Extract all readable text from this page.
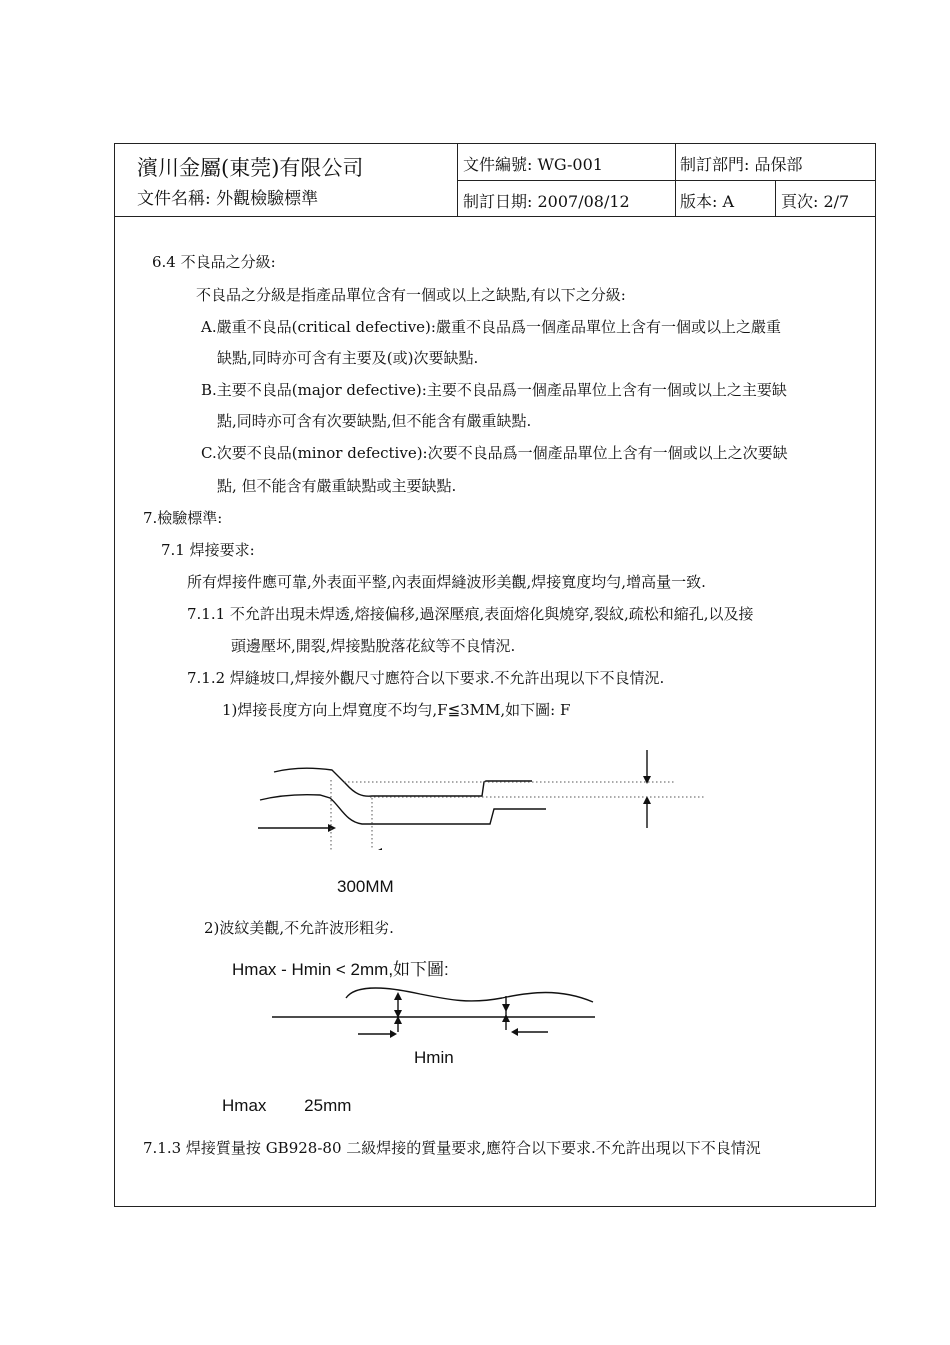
濱川金屬(東莞)有限公司
文件名稱: 外觀檢驗標準
文件編號: WG-001	制訂部門: 品保部
制訂日期: 2007/08/12	版本: A	頁次: 2/7
6.4 不良品之分級:
不良品之分級是指產品單位含有一個或以上之缺點,有以下之分級:
A.嚴重不良品(critical defective):嚴重不良品爲一個產品單位上含有一個或以上之嚴重
缺點,同時亦可含有主要及(或)次要缺點.
B.主要不良品(major defective):主要不良品爲一個產品單位上含有一個或以上之主要缺
點,同時亦可含有次要缺點,但不能含有嚴重缺點.
C.次要不良品(minor defective):次要不良品爲一個產品單位上含有一個或以上之次要缺
點, 但不能含有嚴重缺點或主要缺點.
7.檢驗標準:
7.1 焊接要求:
所有焊接件應可靠,外表面平整,內表面焊縫波形美觀,焊接寬度均勻,增高量一致.
7.1.1 不允許出現未焊透,熔接偏移,過深壓痕,表面熔化與燒穿,裂紋,疏松和縮孔,以及接
頭邊壓坏,開裂,焊接點脫落花紋等不良情況.
7.1.2 焊縫坡口,焊接外觀尺寸應符合以下要求.不允許出現以下不良情況.
1)焊接長度方向上焊寬度不均勻,F≦3MM,如下圖: F
300MM
2)波紋美觀,不允許波形粗劣.
Hmax - Hmin < 2mm,如下圖:
Hmin
Hmax        25mm
7.1.3 焊接質量按 GB928-80 二級焊接的質量要求,應符合以下要求.不允許出現以下不良情況
